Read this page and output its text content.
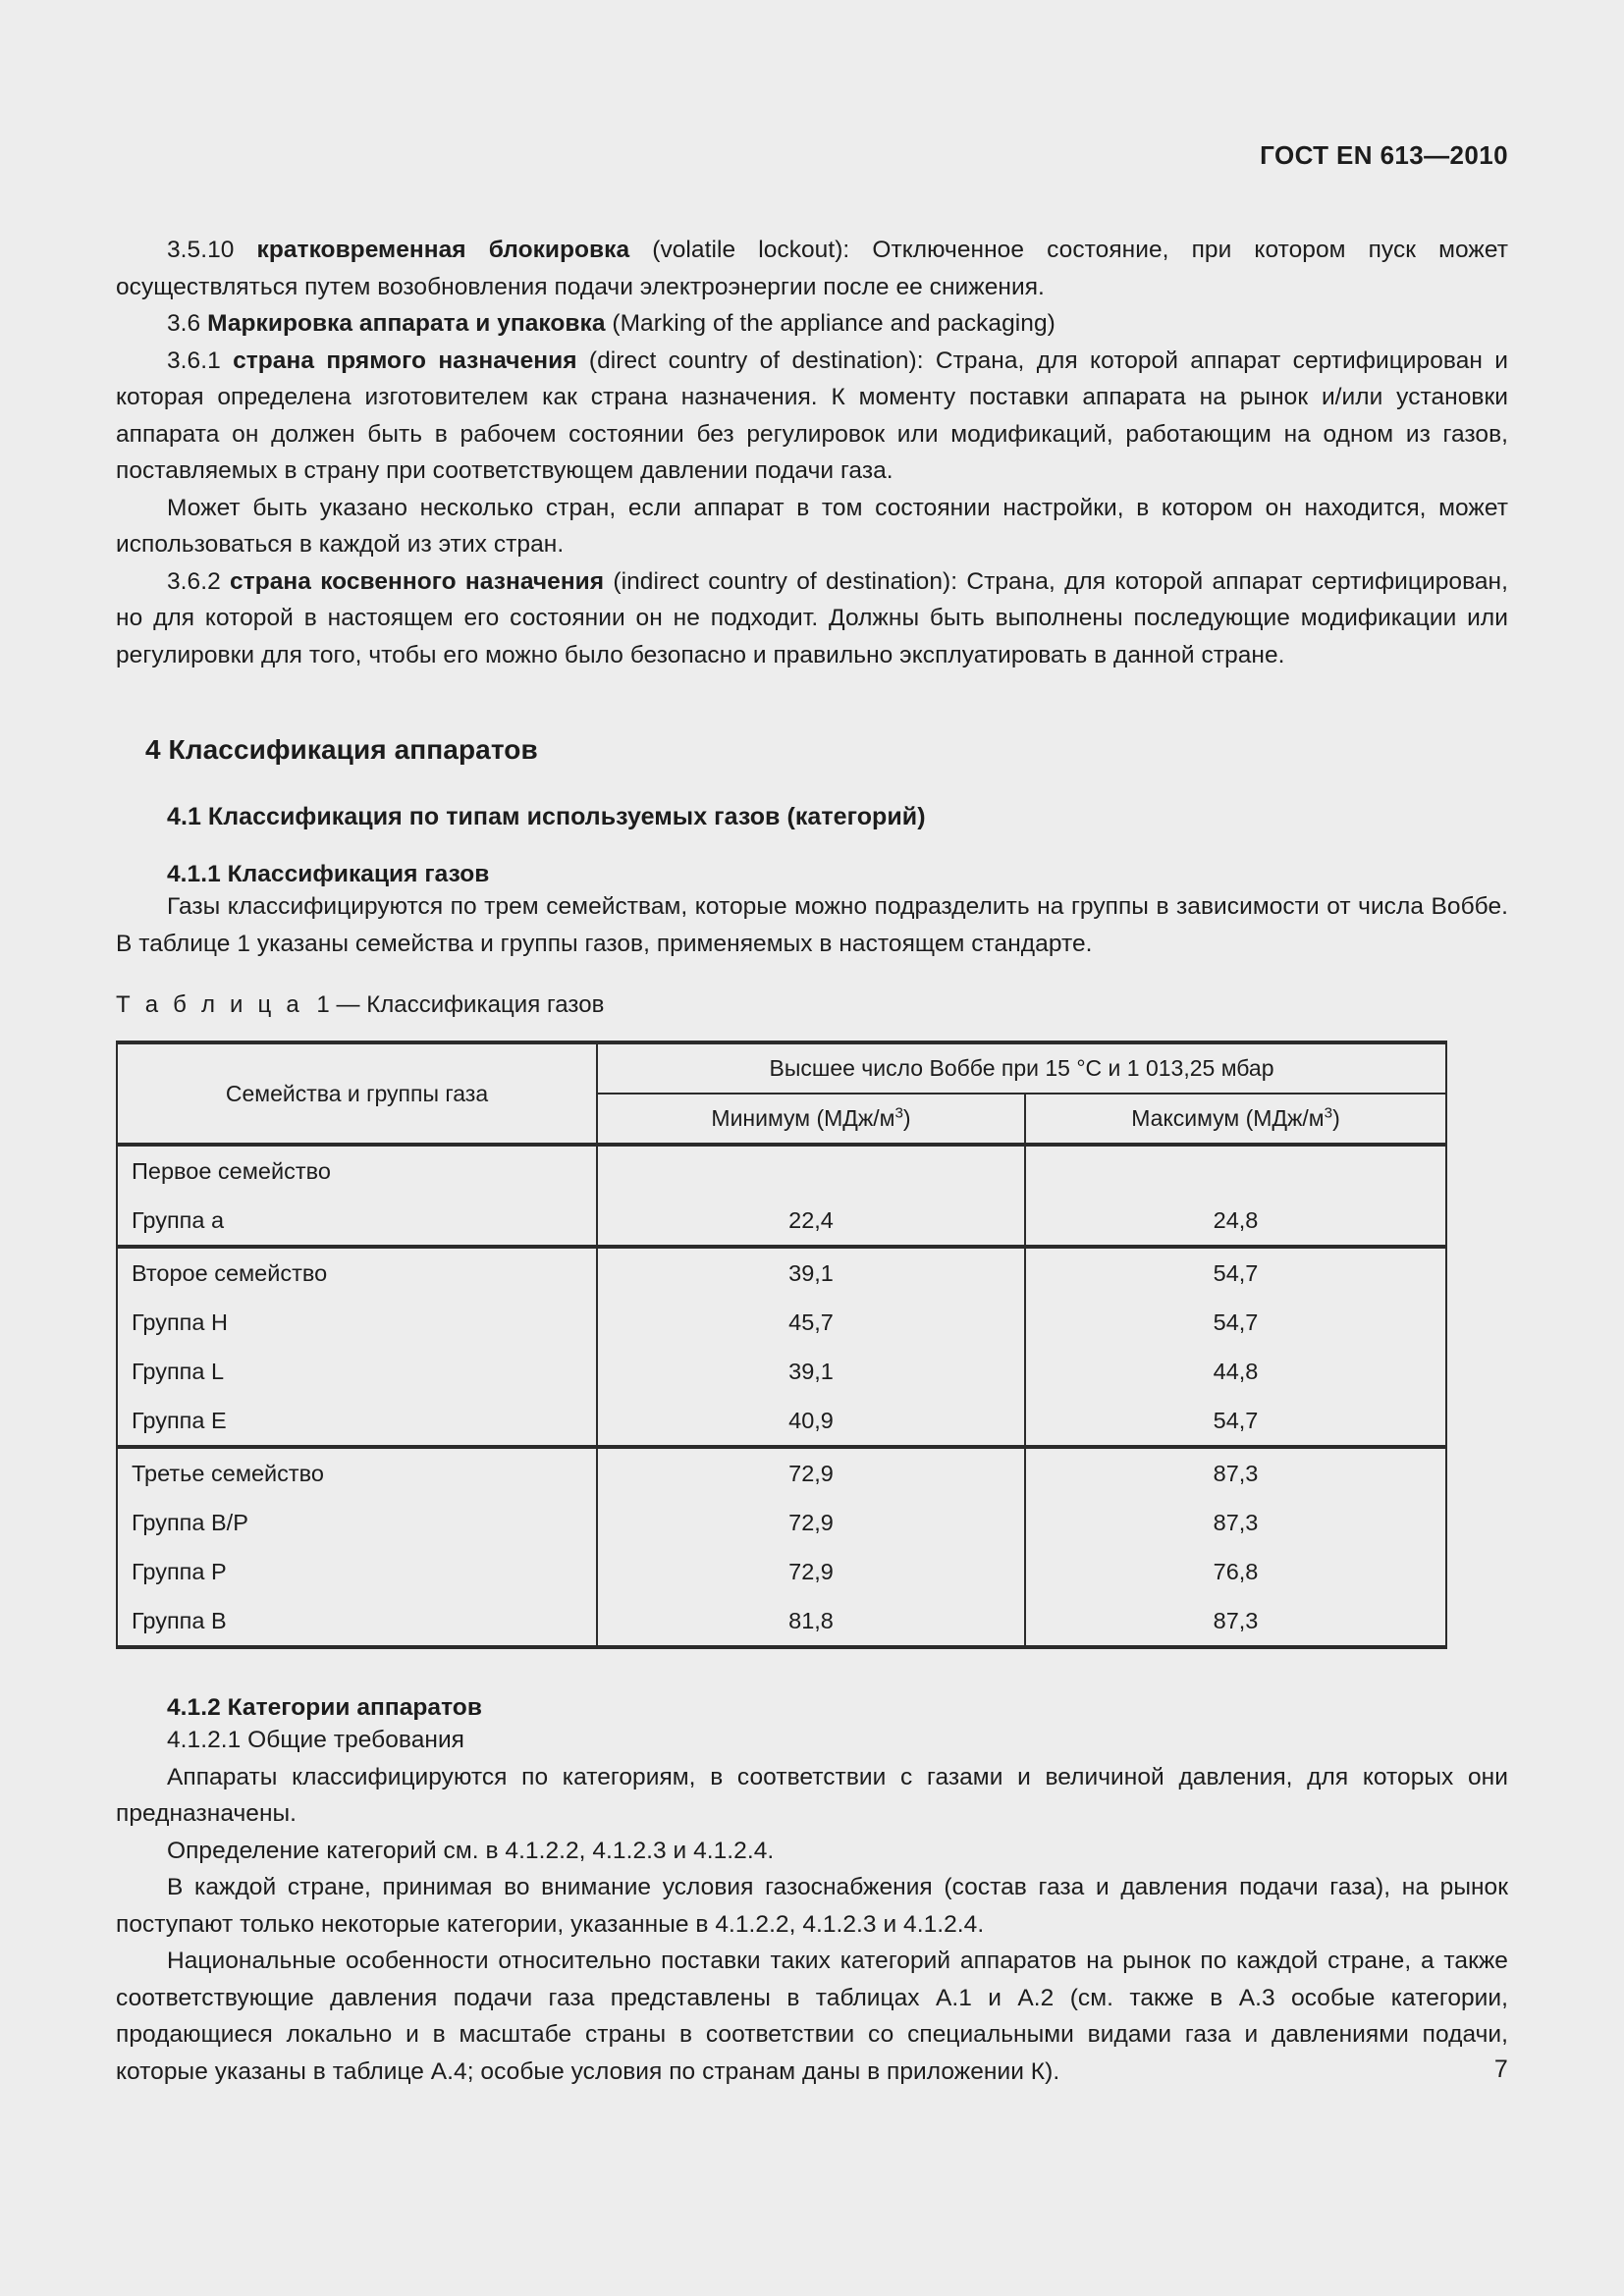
ГОСТ EN 613—2010

3.5.10 кратковременная блокировка (volatile lockout): Отключенное состояние, при котором пуск может осуществляться путем возобновления подачи электроэнергии после ее снижения.

3.6 Маркировка аппарата и упаковка (Marking of the appliance and packaging)

3.6.1 страна прямого назначения (direct country of destination): Страна, для которой аппарат сертифицирован и которая определена изготовителем как страна назначения. К моменту поставки аппарата на рынок и/или установки аппарата он должен быть в рабочем состоянии без регулировок или модификаций, работающим на одном из газов, поставляемых в страну при соответствующем давлении подачи газа.

Может быть указано несколько стран, если аппарат в том состоянии настройки, в котором он находится, может использоваться в каждой из этих стран.

3.6.2 страна косвенного назначения (indirect country of destination): Страна, для которой аппарат сертифицирован, но для которой в настоящем его состоянии он не подходит. Должны быть выполнены последующие модификации или регулировки для того, чтобы его можно было безопасно и правильно эксплуатировать в данной стране.

4 Классификация аппаратов
4.1 Классификация по типам используемых газов (категорий)
4.1.1 Классификация газов

Газы классифицируются по трем семействам, которые можно подразделить на группы в зависимости от числа Воббе. В таблице 1 указаны семейства и группы газов, применяемых в настоящем стандарте.

Т а б л и ц а 1 — Классификация газов

Семейства и группы газа	Высшее число Воббе при 15 °С и 1 013,25 мбар	
	Минимум $(МДж/м^3)$	Максимум $(МДж/м^3)$
Первое семейство		
Группа a	22,4	24,8
Второе семейство	39,1	54,7
Группа H	45,7	54,7
Группа L	39,1	44,8
Группа E	40,9	54,7
Третье семейство	72,9	87,3
Группа B/P	72,9	87,3
Группа P	72,9	76,8
Группа B	81,8	87,3
4.1.2 Категории аппаратов

4.1.2.1 Общие требования

Аппараты классифицируются по категориям, в соответствии с газами и величиной давления, для которых они предназначены.

Определение категорий см. в 4.1.2.2, 4.1.2.3 и 4.1.2.4.

В каждой стране, принимая во внимание условия газоснабжения (состав газа и давления подачи газа), на рынок поступают только некоторые категории, указанные в 4.1.2.2, 4.1.2.3 и 4.1.2.4.

Национальные особенности относительно поставки таких категорий аппаратов на рынок по каждой стране, а также соответствующие давления подачи газа представлены в таблицах А.1 и А.2 (см. также в А.3 особые категории, продающиеся локально и в масштабе страны в соответствии со специальными видами газа и давлениями подачи, которые указаны в таблице А.4; особые условия по странам даны в приложении К).	7
